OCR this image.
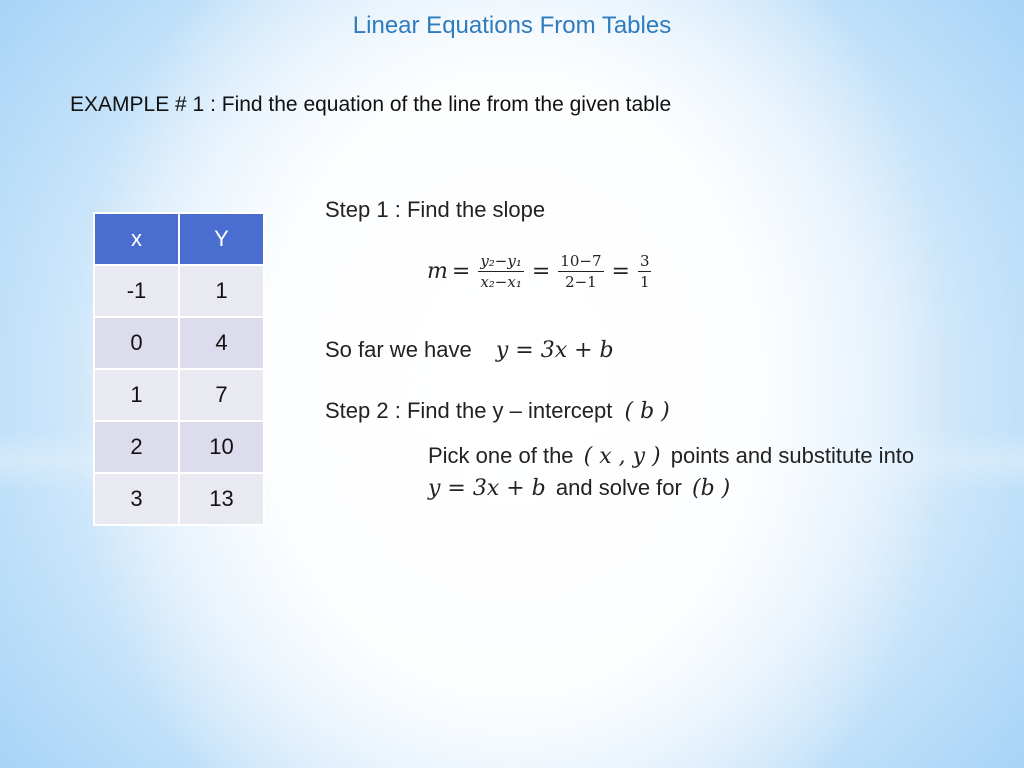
Linear Equations From Tables
EXAMPLE # 1 : Find the equation of the line from the given table
x	Y
-1	1
0	4
1	7
2	10
3	13
Step 1 : Find the slope
$m = \frac{\text{y₂−y₁}}{\text{x₂−x₁}} = \frac{10-7}{2-1} = \frac{3}{1}$
So far we have y = 3x + b
Step 2 : Find the y – intercept ( b )
Pick one of the ( x , y ) points and substitute into
y = 3x + b and solve for (b )
